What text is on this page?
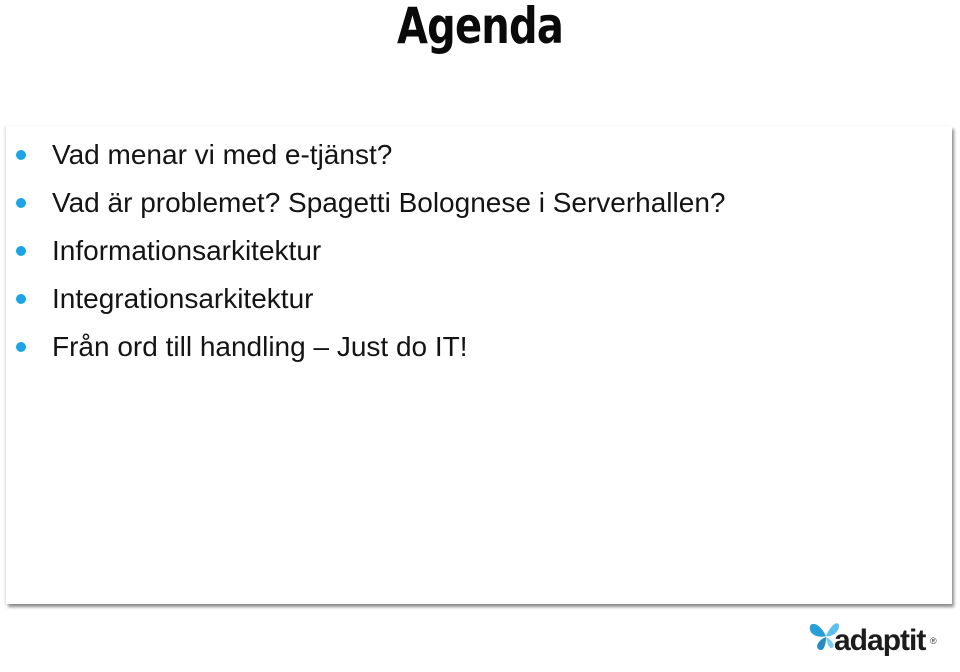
Agenda
Vad menar vi med e-tjänst?
Vad är problemet? Spagetti Bolognese i Serverhallen?
Informationsarkitektur
Integrationsarkitektur
Från ord till handling – Just do IT!
adaptit ®
